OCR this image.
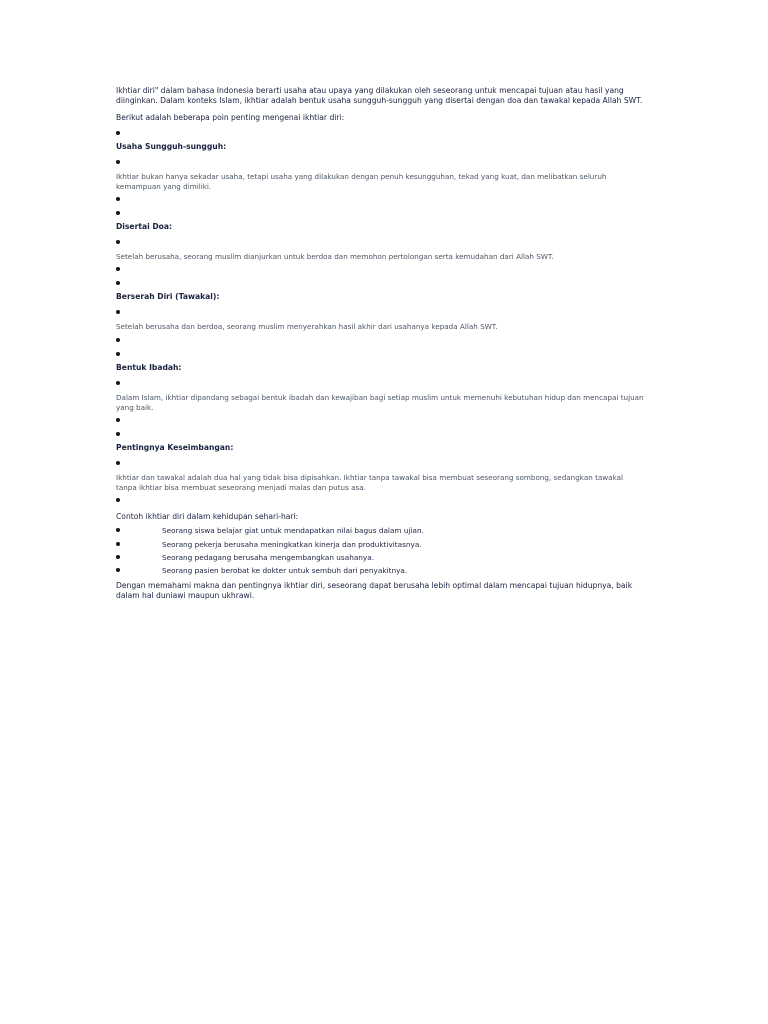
Ikhtiar diri" dalam bahasa Indonesia berarti usaha atau upaya yang dilakukan oleh seseorang untuk mencapai tujuan atau hasil yang diinginkan. Dalam konteks Islam, ikhtiar adalah bentuk usaha sungguh-sungguh yang disertai dengan doa dan tawakal kepada Allah SWT.

Berikut adalah beberapa poin penting mengenai ikhtiar diri:

Usaha Sungguh-sungguh:
Ikhtiar bukan hanya sekadar usaha, tetapi usaha yang dilakukan dengan penuh kesungguhan, tekad yang kuat, dan melibatkan seluruh kemampuan yang dimiliki.
Disertai Doa:
Setelah berusaha, seorang muslim dianjurkan untuk berdoa dan memohon pertolongan serta kemudahan dari Allah SWT.
Berserah Diri (Tawakal):
Setelah berusaha dan berdoa, seorang muslim menyerahkan hasil akhir dari usahanya kepada Allah SWT.
Bentuk Ibadah:
Dalam Islam, ikhtiar dipandang sebagai bentuk ibadah dan kewajiban bagi setiap muslim untuk memenuhi kebutuhan hidup dan mencapai tujuan yang baik.
Pentingnya Keseimbangan:
Ikhtiar dan tawakal adalah dua hal yang tidak bisa dipisahkan. Ikhtiar tanpa tawakal bisa membuat seseorang sombong, sedangkan tawakal tanpa ikhtiar bisa membuat seseorang menjadi malas dan putus asa.
Contoh ikhtiar diri dalam kehidupan sehari-hari:
Seorang siswa belajar giat untuk mendapatkan nilai bagus dalam ujian.
Seorang pekerja berusaha meningkatkan kinerja dan produktivitasnya.
Seorang pedagang berusaha mengembangkan usahanya.
Seorang pasien berobat ke dokter untuk sembuh dari penyakitnya.

Dengan memahami makna dan pentingnya ikhtiar diri, seseorang dapat berusaha lebih optimal dalam mencapai tujuan hidupnya, baik dalam hal duniawi maupun ukhrawi.
